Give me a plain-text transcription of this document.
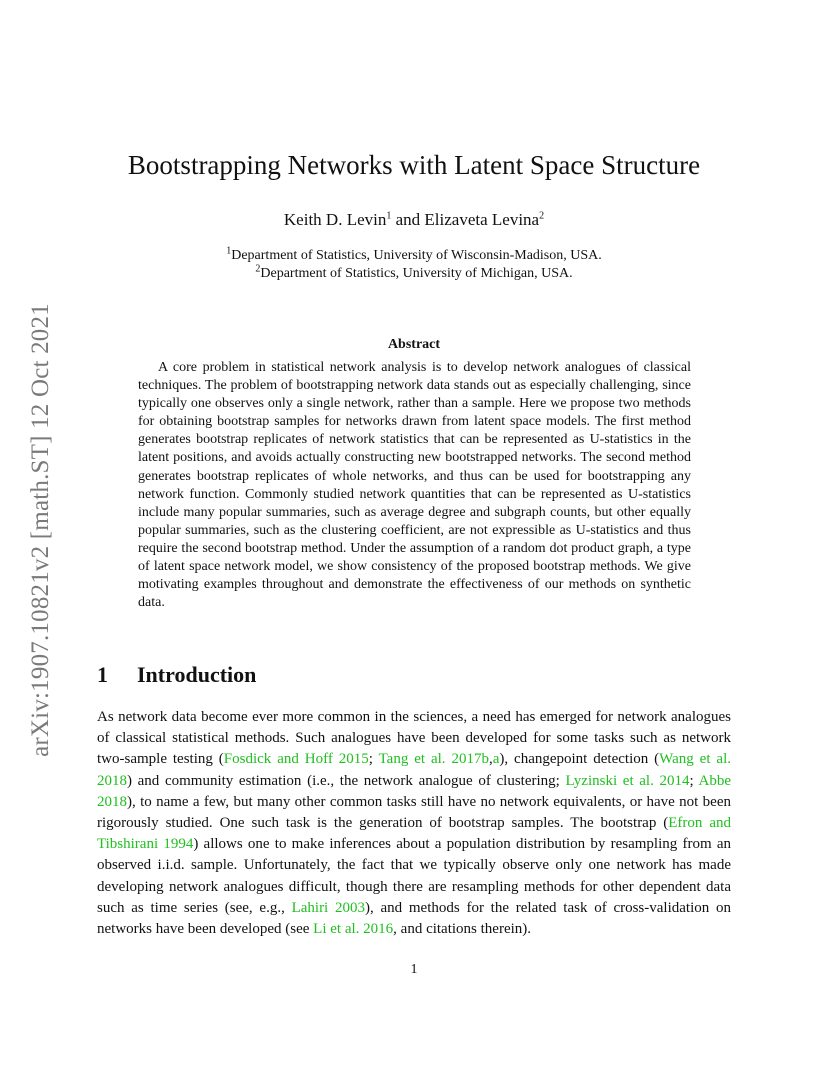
arXiv:1907.10821v2 [math.ST] 12 Oct 2021
Bootstrapping Networks with Latent Space Structure
Keith D. Levin$^1$ and Elizaveta Levina$^2$
$^1$Department of Statistics, University of Wisconsin-Madison, USA.
$^2$Department of Statistics, University of Michigan, USA.
Abstract
A core problem in statistical network analysis is to develop network analogues of classical techniques. The problem of bootstrapping network data stands out as especially challenging, since typically one observes only a single network, rather than a sample. Here we propose two methods for obtaining bootstrap samples for networks drawn from latent space models. The first method generates bootstrap replicates of network statistics that can be represented as U-statistics in the latent positions, and avoids actually constructing new bootstrapped networks. The second method generates bootstrap replicates of whole networks, and thus can be used for bootstrapping any network function. Commonly studied network quantities that can be represented as U-statistics include many popular summaries, such as average degree and subgraph counts, but other equally popular summaries, such as the clustering coefficient, are not expressible as U-statistics and thus require the second bootstrap method. Under the assumption of a random dot product graph, a type of latent space network model, we show consistency of the proposed bootstrap methods. We give motivating examples throughout and demonstrate the effectiveness of our methods on synthetic data.
1	Introduction
As network data become ever more common in the sciences, a need has emerged for network analogues of classical statistical methods. Such analogues have been developed for some tasks such as network two-sample testing (Fosdick and Hoff 2015; Tang et al. 2017b,a), changepoint detection (Wang et al. 2018) and community estimation (i.e., the network analogue of clustering; Lyzinski et al. 2014; Abbe 2018), to name a few, but many other common tasks still have no network equivalents, or have not been rigorously studied. One such task is the generation of bootstrap samples. The bootstrap (Efron and Tibshirani 1994) allows one to make inferences about a population distribution by resampling from an observed i.i.d. sample. Unfortunately, the fact that we typically observe only one network has made developing network analogues difficult, though there are resampling methods for other dependent data such as time series (see, e.g., Lahiri 2003), and methods for the related task of cross-validation on networks have been developed (see Li et al. 2016, and citations therein).
1
